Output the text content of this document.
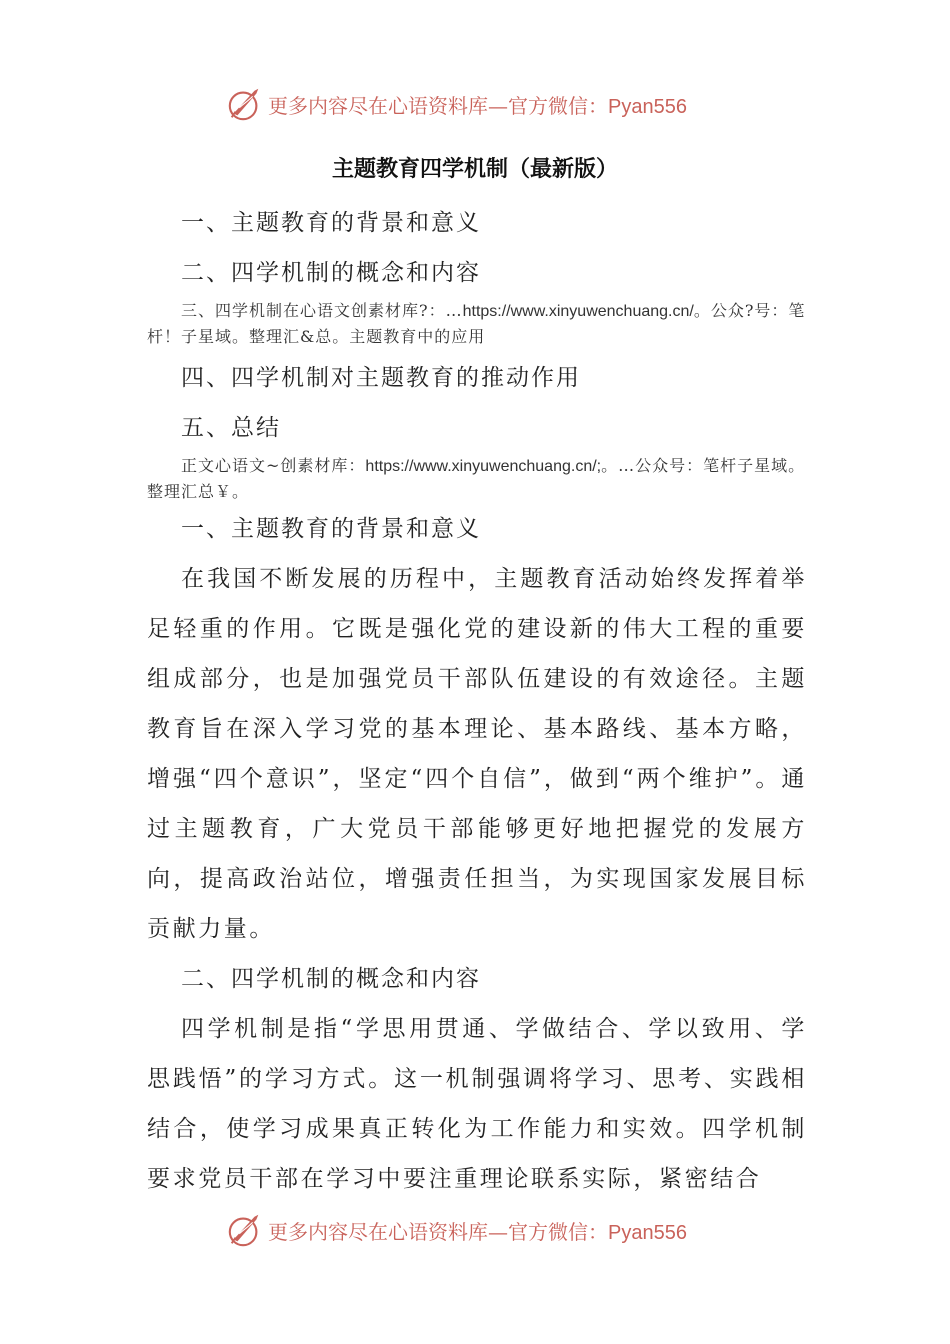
更多内容尽在心语资料库—官方微信：Pyan556
主题教育四学机制（最新版）
一、主题教育的背景和意义
二、四学机制的概念和内容
三、四学机制在心语文创素材库?：…https://www.xinyuwenchuang.cn/。公众?号：笔杆！子星域。整理汇&总。主题教育中的应用
四、四学机制对主题教育的推动作用
五、总结
正文心语文~创素材库：https://www.xinyuwenchuang.cn/;。…公众号：笔杆子星域。整理汇总￥。
一、主题教育的背景和意义

在我国不断发展的历程中，主题教育活动始终发挥着举足轻重的作用。它既是强化党的建设新的伟大工程的重要组成部分，也是加强党员干部队伍建设的有效途径。主题教育旨在深入学习党的基本理论、基本路线、基本方略，增强“四个意识”，坚定“四个自信”，做到“两个维护”。通过主题教育，广大党员干部能够更好地把握党的发展方向，提高政治站位，增强责任担当，为实现国家发展目标贡献力量。

二、四学机制的概念和内容

四学机制是指“学思用贯通、学做结合、学以致用、学思践悟”的学习方式。这一机制强调将学习、思考、实践相结合，使学习成果真正转化为工作能力和实效。四学机制要求党员干部在学习中要注重理论联系实际，紧密结合

更多内容尽在心语资料库—官方微信：Pyan556
